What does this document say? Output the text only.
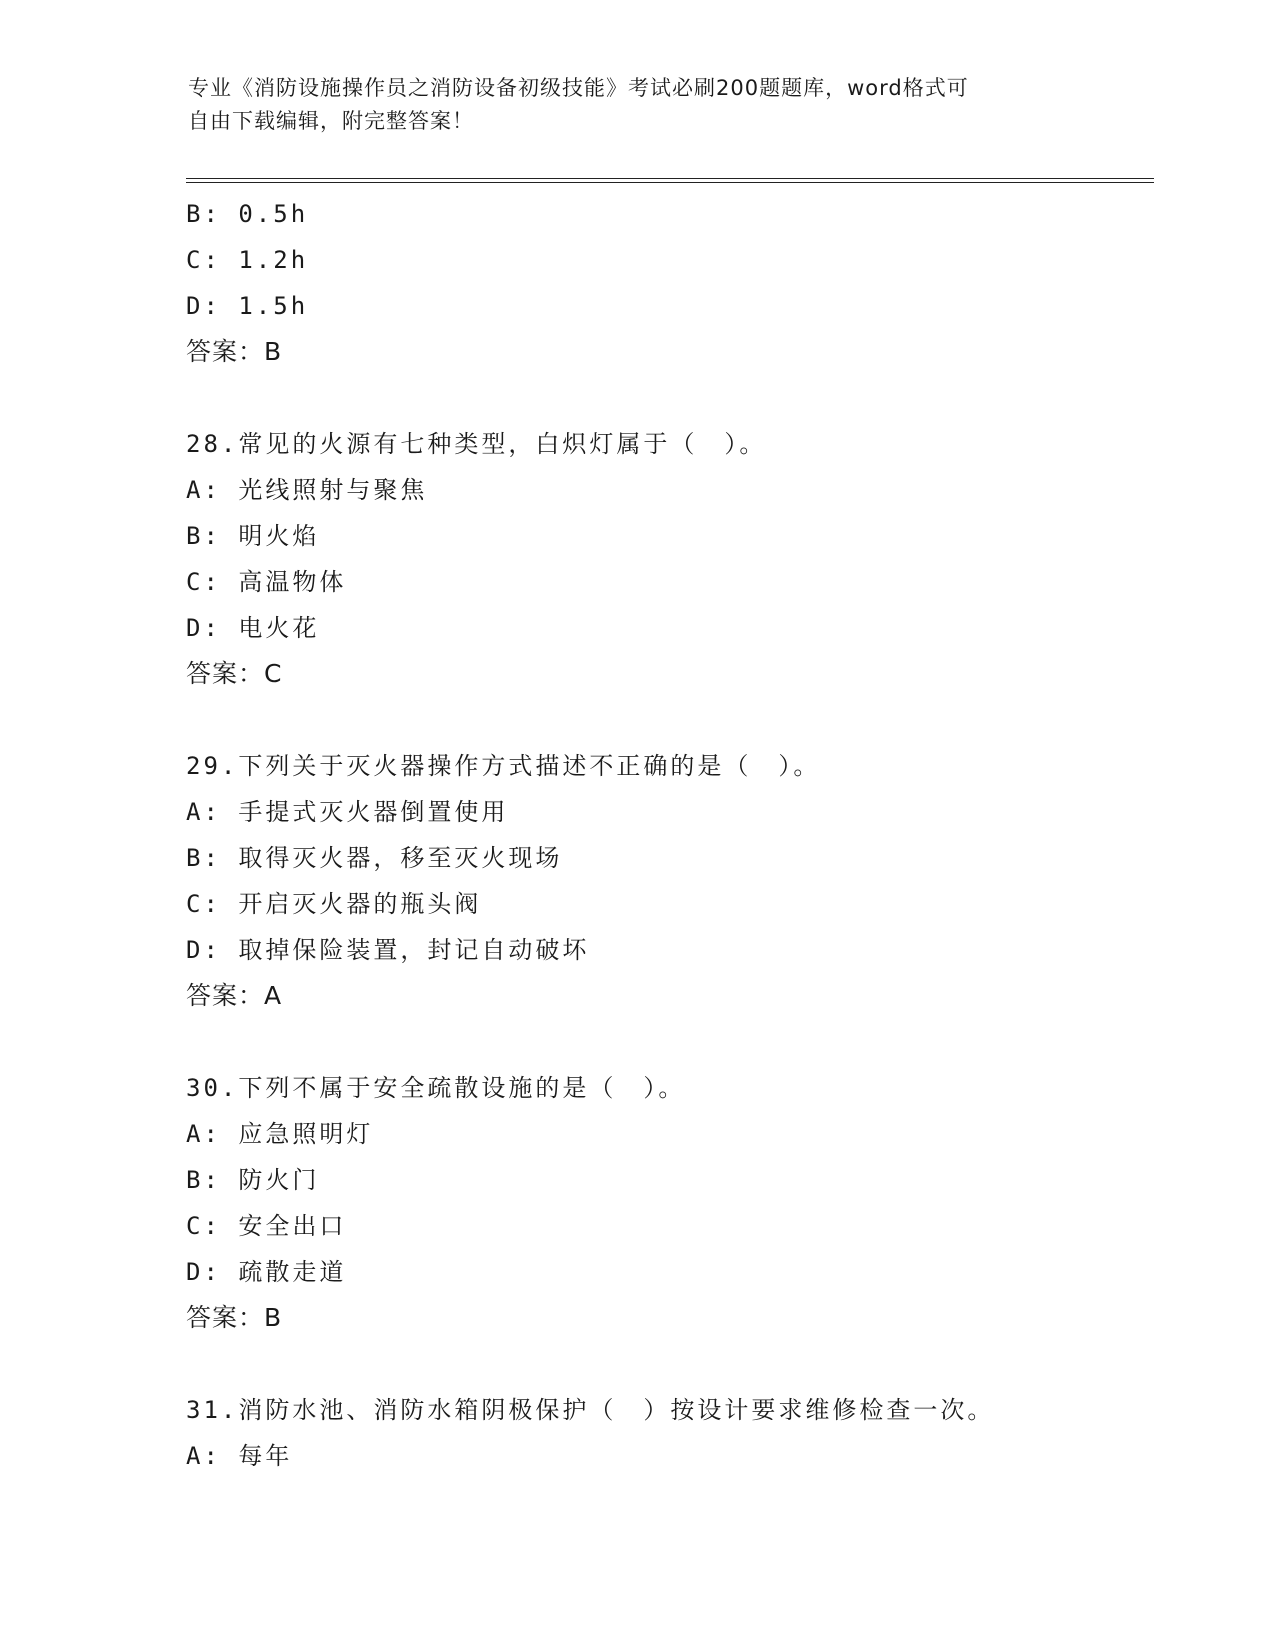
专业《消防设施操作员之消防设备初级技能》考试必刷200题题库，word格式可
自由下载编辑，附完整答案！
B: 0.5h
C: 1.2h
D: 1.5h
答案：B
28.常见的火源有七种类型，白炽灯属于（　）。
A: 光线照射与聚焦
B: 明火焰
C: 高温物体
D: 电火花
答案：C
29.下列关于灭火器操作方式描述不正确的是（　）。
A: 手提式灭火器倒置使用
B: 取得灭火器，移至灭火现场
C: 开启灭火器的瓶头阀
D: 取掉保险装置，封记自动破坏
答案：A
30.下列不属于安全疏散设施的是（　）。
A: 应急照明灯
B: 防火门
C: 安全出口
D: 疏散走道
答案：B
31.消防水池、消防水箱阴极保护（　）按设计要求维修检查一次。
A: 每年
